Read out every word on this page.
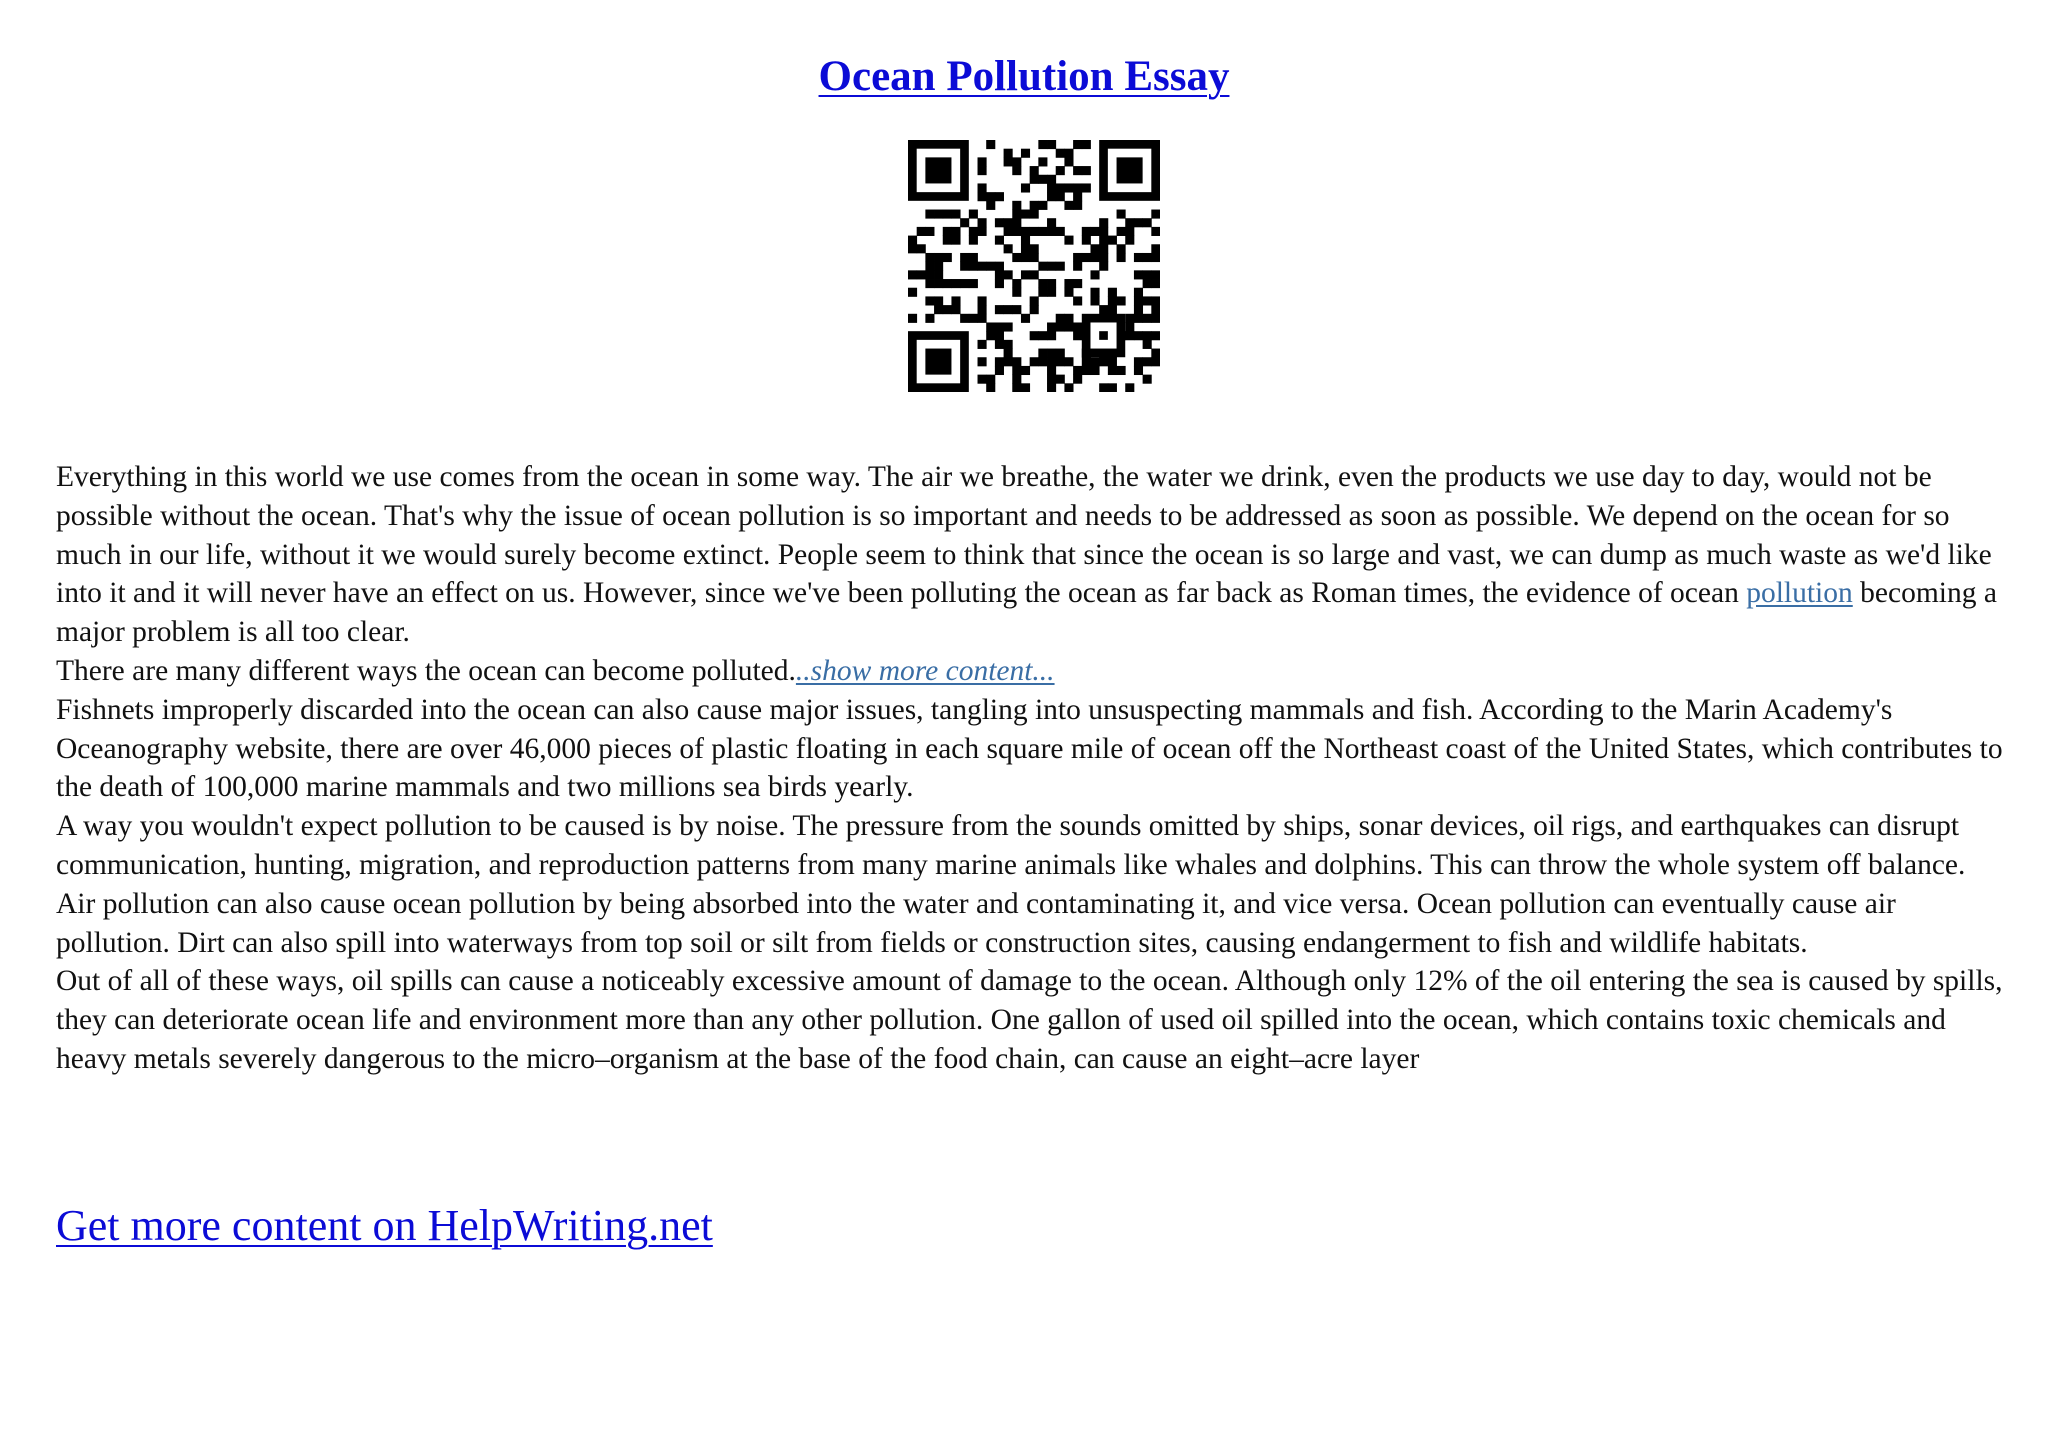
Ocean Pollution Essay

Everything in this world we use comes from the ocean in some way. The air we breathe, the water we drink, even the products we use day to day, would not be possible without the ocean. That's why the issue of ocean pollution is so important and needs to be addressed as soon as possible. We depend on the ocean for so much in our life, without it we would surely become extinct. People seem to think that since the ocean is so large and vast, we can dump as much waste as we'd like into it and it will never have an effect on us. However, since we've been polluting the ocean as far back as Roman times, the evidence of ocean pollution becoming a major problem is all too clear.

There are many different ways the ocean can become polluted...show more content...

Fishnets improperly discarded into the ocean can also cause major issues, tangling into unsuspecting mammals and fish. According to the Marin Academy's Oceanography website, there are over 46,000 pieces of plastic floating in each square mile of ocean off the Northeast coast of the United States, which contributes to the death of 100,000 marine mammals and two millions sea birds yearly.

A way you wouldn't expect pollution to be caused is by noise. The pressure from the sounds omitted by ships, sonar devices, oil rigs, and earthquakes can disrupt communication, hunting, migration, and reproduction patterns from many marine animals like whales and dolphins. This can throw the whole system off balance. Air pollution can also cause ocean pollution by being absorbed into the water and contaminating it, and vice versa. Ocean pollution can eventually cause air pollution. Dirt can also spill into waterways from top soil or silt from fields or construction sites, causing endangerment to fish and wildlife habitats.

Out of all of these ways, oil spills can cause a noticeably excessive amount of damage to the ocean. Although only 12% of the oil entering the sea is caused by spills, they can deteriorate ocean life and environment more than any other pollution. One gallon of used oil spilled into the ocean, which contains toxic chemicals and heavy metals severely dangerous to the micro–organism at the base of the food chain, can cause an eight–acre layer

Get more content on HelpWriting.net
